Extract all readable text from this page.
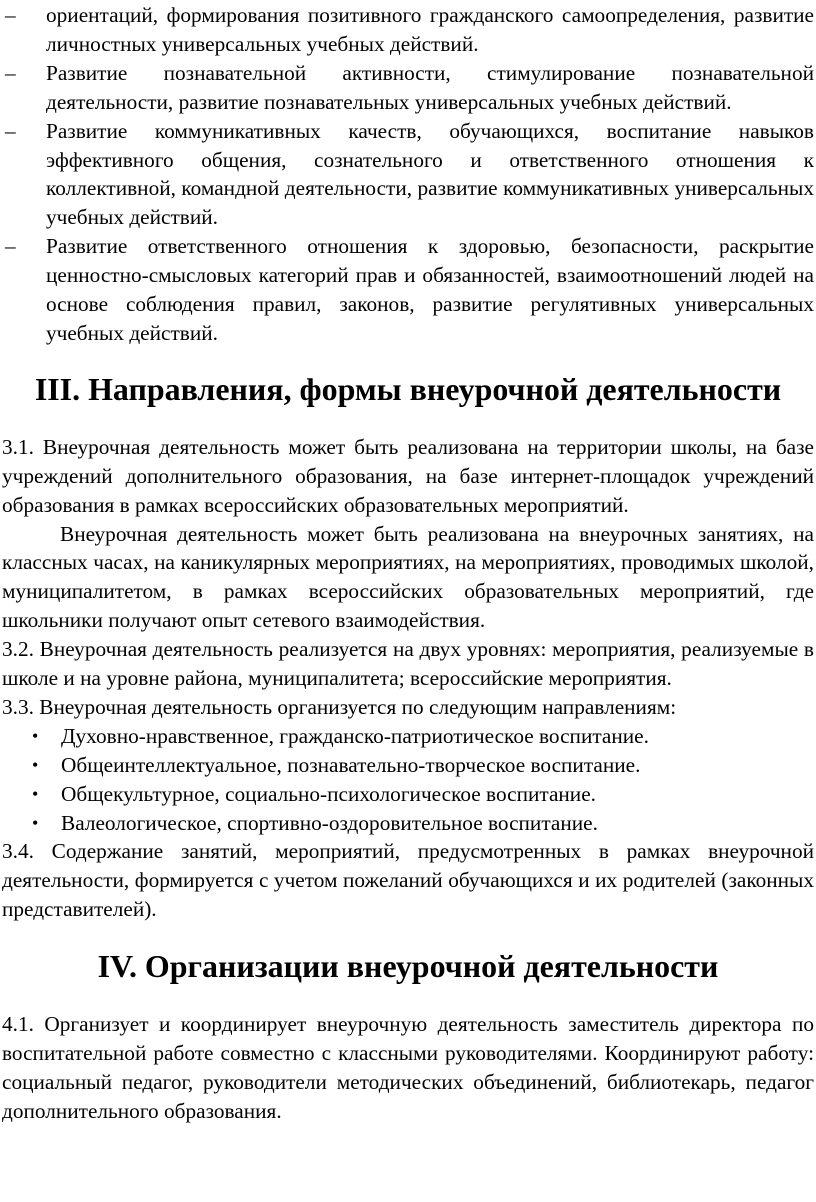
– ориентаций, формирования позитивного гражданского самоопределения, развитие личностных универсальных учебных действий.
– Развитие познавательной активности, стимулирование познавательной деятельности, развитие познавательных универсальных учебных действий.
– Развитие коммуникативных качеств, обучающихся, воспитание навыков эффективного общения, сознательного и ответственного отношения к коллективной, командной деятельности, развитие коммуникативных универсальных учебных действий.
– Развитие ответственного отношения к здоровью, безопасности, раскрытие ценностно-смысловых категорий прав и обязанностей, взаимоотношений людей на основе соблюдения правил, законов, развитие регулятивных универсальных учебных действий.
III. Направления, формы внеурочной деятельности

3.1. Внеурочная деятельность может быть реализована на территории школы, на базе учреждений дополнительного образования, на базе интернет-площадок учреждений образования в рамках всероссийских образовательных мероприятий.

Внеурочная деятельность может быть реализована на внеурочных занятиях, на классных часах, на каникулярных мероприятиях, на мероприятиях, проводимых школой, муниципалитетом, в рамках всероссийских образовательных мероприятий, где школьники получают опыт сетевого взаимодействия.

3.2. Внеурочная деятельность реализуется на двух уровнях: мероприятия, реализуемые в школе и на уровне района, муниципалитета; всероссийские мероприятия.

3.3. Внеурочная деятельность организуется по следующим направлениям:

• Духовно-нравственное, гражданско-патриотическое воспитание.
• Общеинтеллектуальное, познавательно-творческое воспитание.
• Общекультурное, социально-психологическое воспитание.
• Валеологическое, спортивно-оздоровительное воспитание.

3.4. Содержание занятий, мероприятий, предусмотренных в рамках внеурочной деятельности, формируется с учетом пожеланий обучающихся и их родителей (законных представителей).

IV. Организации внеурочной деятельности

4.1. Организует и координирует внеурочную деятельность заместитель директора по воспитательной работе совместно с классными руководителями. Координируют работу: социальный педагог, руководители методических объединений, библиотекарь, педагог дополнительного образования.
